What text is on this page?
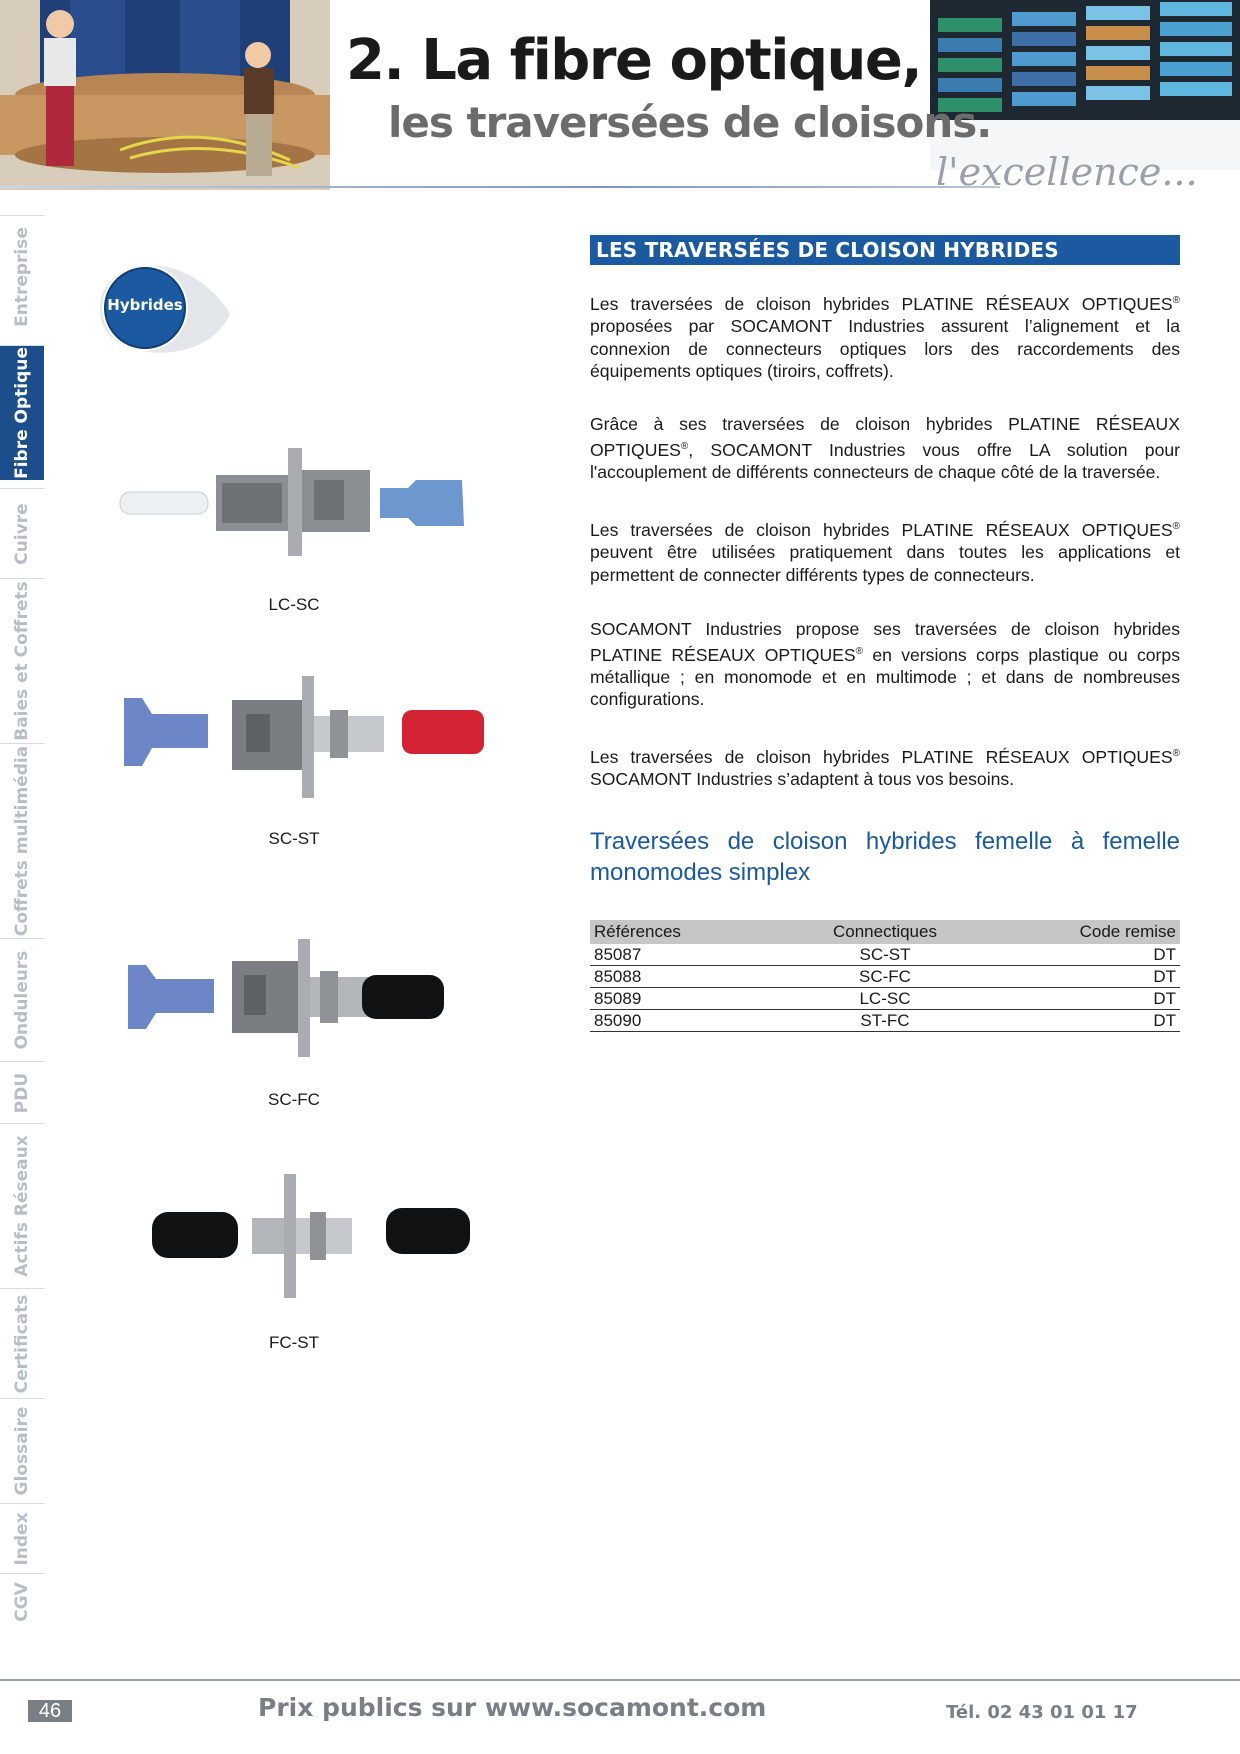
2. La fibre optique,
les traversées de cloisons.
l'excellence...
Entreprise
Fibre Optique
Cuivre
Baies et Coffrets
Coffrets multimédia
Onduleurs
PDU
Actifs Réseaux
Certificats
Glossaire
Index
CGV
Hybrides
LC-SC
SC-ST
SC-FC
FC-ST
LES TRAVERSÉES DE CLOISON HYBRIDES
Les traversées de cloison hybrides PLATINE RÉSEAUX OPTIQUES® proposées par SOCAMONT Industries assurent l’alignement et la connexion de connecteurs optiques lors des raccordements des équipements optiques (tiroirs, coffrets).
Grâce à ses traversées de cloison hybrides PLATINE RÉSEAUX OPTIQUES®, SOCAMONT Industries vous offre LA solution pour l'accouplement de différents connecteurs de chaque côté de la traversée.
Les traversées de cloison hybrides PLATINE RÉSEAUX OPTIQUES® peuvent être utilisées pratiquement dans toutes les applications et permettent de connecter différents types de connecteurs.
SOCAMONT Industries propose ses traversées de cloison hybrides PLATINE RÉSEAUX OPTIQUES® en versions corps plastique ou corps métallique ; en monomode et en multimode ; et dans de nombreuses configurations.
Les traversées de cloison hybrides PLATINE RÉSEAUX OPTIQUES® SOCAMONT Industries s’adaptent à tous vos besoins.
Traversées de cloison hybrides femelle à femelle monomodes simplex
Références	Connectiques	Code remise
85087	SC-ST	DT
85088	SC-FC	DT
85089	LC-SC	DT
85090	ST-FC	DT
46	Prix publics sur www.socamont.com	Tél. 02 43 01 01 17
